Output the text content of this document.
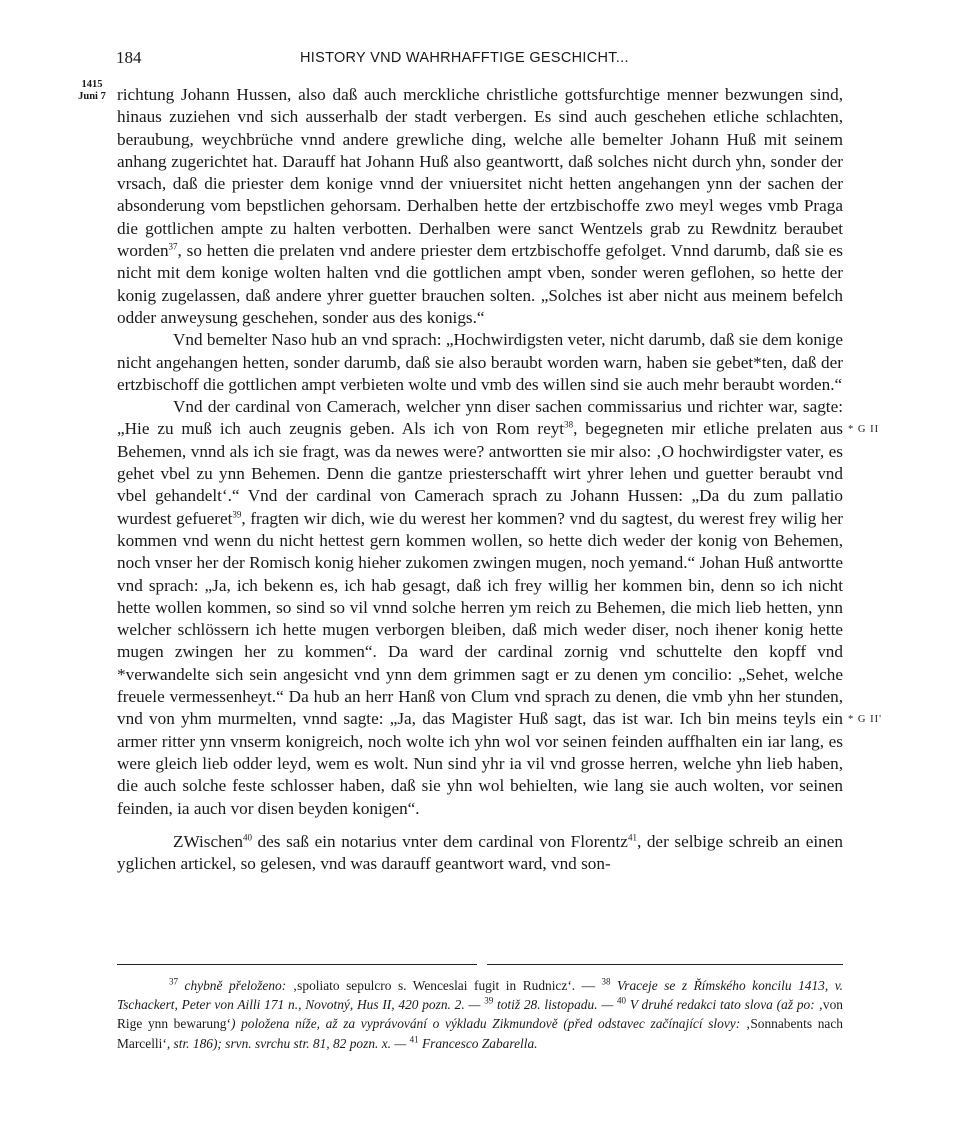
184	HISTORY VND WAHRHAFFTIGE GESCHICHT...
1415
Juni 7
* G II
* G II'

richtung Johann Hussen, also daß auch merckliche christliche gottsfurchtige menner bezwungen sind, hinaus zuziehen vnd sich ausserhalb der stadt verbergen. Es sind auch geschehen etliche schlachten, beraubung, weychbrüche vnnd andere grewliche ding, welche alle bemelter Johann Huß mit seinem anhang zugerichtet hat. Darauff hat Johann Huß also geantwortt, daß solches nicht durch yhn, sonder der vrsach, daß die priester dem konige vnnd der vniuersitet nicht hetten angehangen ynn der sachen der absonderung vom bepstlichen gehorsam. Derhalben hette der ertzbischoffe zwo meyl weges vmb Praga die gottlichen ampte zu halten verbotten. Derhalben were sanct Wentzels grab zu Rewdnitz beraubet worden$^{37}$, so hetten die prelaten vnd andere priester dem ertzbischoffe gefolget. Vnnd darumb, daß sie es nicht mit dem konige wolten halten vnd die gottlichen ampt vben, sonder weren geflohen, so hette der konig zugelassen, daß andere yhrer guetter brauchen solten. „Solches ist aber nicht aus meinem befelch odder anweysung geschehen, sonder aus des konigs.“

Vnd bemelter Naso hub an vnd sprach: „Hochwirdigsten veter, nicht darumb, daß sie dem konige nicht angehangen hetten, sonder darumb, daß sie also beraubt worden warn, haben sie gebet*ten, daß der ertzbischoff die gottlichen ampt verbieten wolte und vmb des willen sind sie auch mehr beraubt worden.“

Vnd der cardinal von Camerach, welcher ynn diser sachen commissarius und richter war, sagte: „Hie zu muß ich auch zeugnis geben. Als ich von Rom reyt$^{38}$, begegneten mir etliche prelaten aus Behemen, vnnd als ich sie fragt, was da newes were? antwortten sie mir also: ‚O hochwirdigster vater, es gehet vbel zu ynn Behemen. Denn die gantze priesterschafft wirt yhrer lehen und guetter beraubt vnd vbel gehandelt‘.“ Vnd der cardinal von Camerach sprach zu Johann Hussen: „Da du zum pallatio wurdest gefueret$^{39}$, fragten wir dich, wie du werest her kommen? vnd du sagtest, du werest frey wilig her kommen vnd wenn du nicht hettest gern kommen wollen, so hette dich weder der konig von Behemen, noch vnser her der Romisch konig hieher zukomen zwingen mugen, noch yemand.“ Johan Huß antwortte vnd sprach: „Ja, ich bekenn es, ich hab gesagt, daß ich frey willig her kommen bin, denn so ich nicht hette wollen kommen, so sind so vil vnnd solche herren ym reich zu Behemen, die mich lieb hetten, ynn welcher schlössern ich hette mugen verborgen bleiben, daß mich weder diser, noch ihener konig hette mugen zwingen her zu kommen“. Da ward der cardinal zornig vnd schuttelte den kopff vnd *verwandelte sich sein angesicht vnd ynn dem grimmen sagt er zu denen ym concilio: „Sehet, welche freuele vermessenheyt.“ Da hub an herr Hanß von Clum vnd sprach zu denen, die vmb yhn her stunden, vnd von yhm murmelten, vnnd sagte: „Ja, das Magister Huß sagt, das ist war. Ich bin meins teyls ein armer ritter ynn vnserm konigreich, noch wolte ich yhn wol vor seinen feinden auffhalten ein iar lang, es were gleich lieb odder leyd, wem es wolt. Nun sind yhr ia vil vnd grosse herren, welche yhn lieb haben, die auch solche feste schlosser haben, daß sie yhn wol behielten, wie lang sie auch wolten, vor seinen feinden, ia auch vor disen beyden konigen“.

ZWischen$^{40}$ des saß ein notarius vnter dem cardinal von Florentz$^{41}$, der selbige schreib an einen yglichen artickel, so gelesen, vnd was darauff geantwort ward, vnd son-

$^{37}$ chybně přeloženo: ‚spoliato sepulcro s. Wenceslai fugit in Rudnicz‘. — $^{38}$ Vraceje se z Římského koncilu 1413, v. Tschackert, Peter von Ailli 171 n., Novotný, Hus II, 420 pozn. 2. — $^{39}$ totiž 28. listopadu. — $^{40}$ V druhé redakci tato slova (až po: ‚von Rige ynn bewarung‘) položena níže, až za vyprávování o výkladu Zikmundově (před odstavec začínající slovy: ‚Sonnabents nach Marcelli‘, str. 186); srvn. svrchu str. 81, 82 pozn. x. — $^{41}$ Francesco Zabarella.
